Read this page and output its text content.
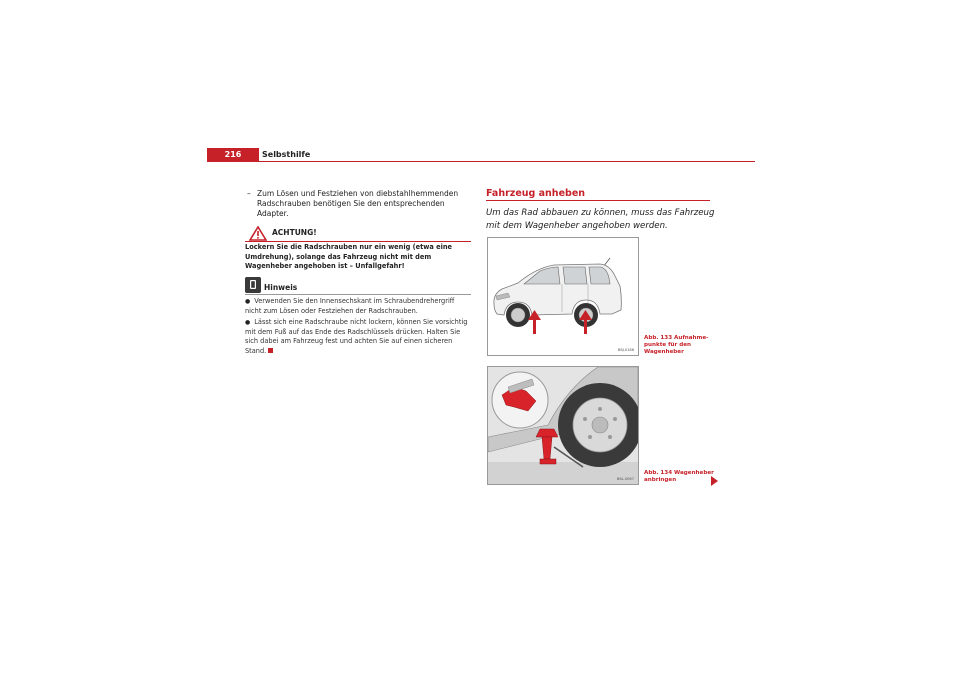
216	Selbsthilfe
– Zum Lösen und Festziehen von diebstahlhemmenden Radschrauben benötigen Sie den entsprechenden Adapter.
ACHTUNG!
Lockern Sie die Radschrauben nur ein wenig (etwa eine Umdrehung), solange das Fahrzeug nicht mit dem Wagenheber angehoben ist – Unfallgefahr!
Hinweis
● Verwenden Sie den Innensechskant im Schraubendrehergriff nicht zum Lösen oder Festziehen der Radschrauben.
● Lässt sich eine Radschraube nicht lockern, können Sie vorsichtig mit dem Fuß auf das Ende des Radschlüssels drücken. Halten Sie sich dabei am Fahrzeug fest und achten Sie auf einen sicheren Stand.
Fahrzeug anheben
Um das Rad abbauen zu können, muss das Fahrzeug mit dem Wagenheber angehoben werden.
B6J-0186
Abb. 133 Aufnahmepunkte für den Wagenheber
B6L-0067
Abb. 134 Wagenheber anbringen
